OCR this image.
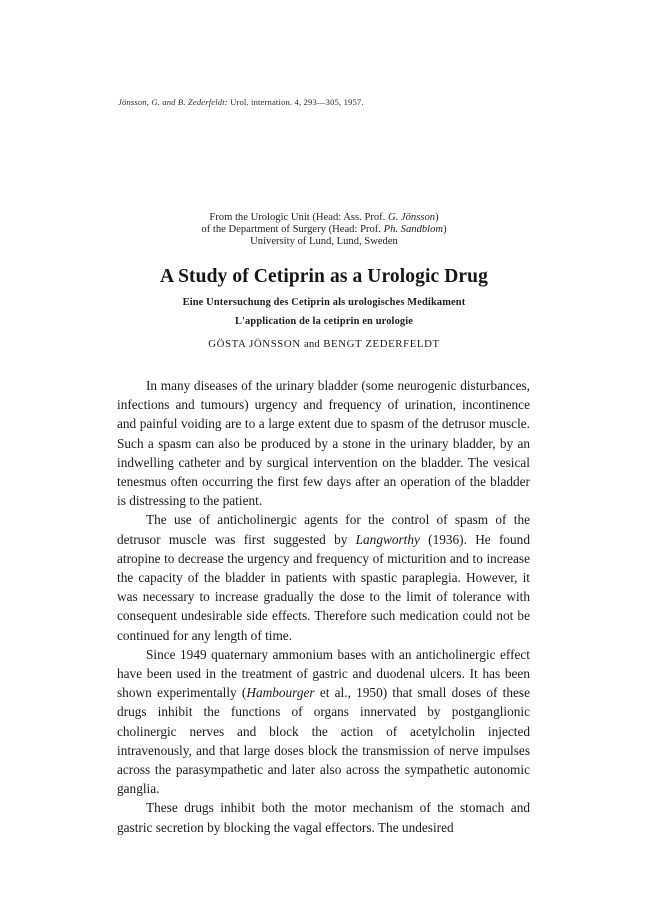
Jönsson, G. and B. Zederfeldt: Urol. internation. 4, 293—305, 1957.
From the Urologic Unit (Head: Ass. Prof. G. Jönsson)
of the Department of Surgery (Head: Prof. Ph. Sandblom)
University of Lund, Lund, Sweden
A Study of Cetiprin as a Urologic Drug
Eine Untersuchung des Cetiprin als urologisches Medikament
L'application de la cetiprin en urologie
GÖSTA JÖNSSON and BENGT ZEDERFELDT

In many diseases of the urinary bladder (some neurogenic disturbances, infections and tumours) urgency and frequency of urination, incontinence and painful voiding are to a large extent due to spasm of the detrusor muscle. Such a spasm can also be produced by a stone in the urinary bladder, by an indwelling catheter and by surgical intervention on the bladder. The vesical tenesmus often occurring the first few days after an operation of the bladder is distressing to the patient.

The use of anticholinergic agents for the control of spasm of the detrusor muscle was first suggested by Langworthy (1936). He found atropine to decrease the urgency and frequency of micturition and to increase the capacity of the bladder in patients with spastic paraplegia. However, it was necessary to increase gradually the dose to the limit of tolerance with consequent undesirable side effects. Therefore such medication could not be continued for any length of time.

Since 1949 quaternary ammonium bases with an anticholinergic effect have been used in the treatment of gastric and duodenal ulcers. It has been shown experimentally (Hambourger et al., 1950) that small doses of these drugs inhibit the functions of organs innervated by postganglionic cholinergic nerves and block the action of acetylcholin injected intravenously, and that large doses block the transmission of nerve impulses across the parasympathetic and later also across the sympathetic autonomic ganglia.

These drugs inhibit both the motor mechanism of the stomach and gastric secretion by blocking the vagal effectors. The undesired
